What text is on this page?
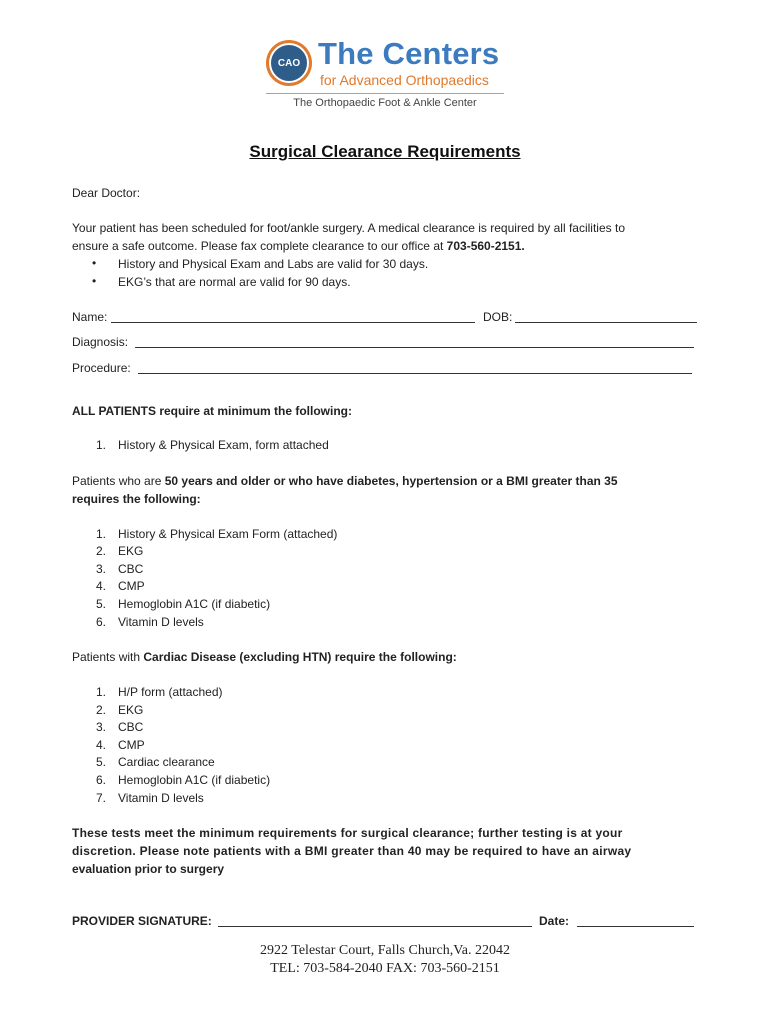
CAO The Centers
for Advanced Orthopaedics
The Orthopaedic Foot & Ankle Center
Surgical Clearance Requirements
Dear Doctor:
Your patient has been scheduled for foot/ankle surgery. A medical clearance is required by all facilities to
ensure a safe outcome. Please fax complete clearance to our office at 703-560-2151.
• History and Physical Exam and Labs are valid for 30 days.
• EKG’s that are normal are valid for 90 days.
Name:	DOB:
Diagnosis:
Procedure:
ALL PATIENTS require at minimum the following:
1. History & Physical Exam, form attached
Patients who are 50 years and older or who have diabetes, hypertension or a BMI greater than 35
requires the following:
1. History & Physical Exam Form (attached)
2. EKG
3. CBC
4. CMP
5. Hemoglobin A1C (if diabetic)
6. Vitamin D levels
Patients with Cardiac Disease (excluding HTN) require the following:
1. H/P form (attached)
2. EKG
3. CBC
4. CMP
5. Cardiac clearance
6. Hemoglobin A1C (if diabetic)
7. Vitamin D levels
These tests meet the minimum requirements for surgical clearance; further testing is at your
discretion. Please note patients with a BMI greater than 40 may be required to have an airway
evaluation prior to surgery
PROVIDER SIGNATURE:	Date:
2922 Telestar Court, Falls Church,Va. 22042
TEL: 703-584-2040 FAX: 703-560-2151
